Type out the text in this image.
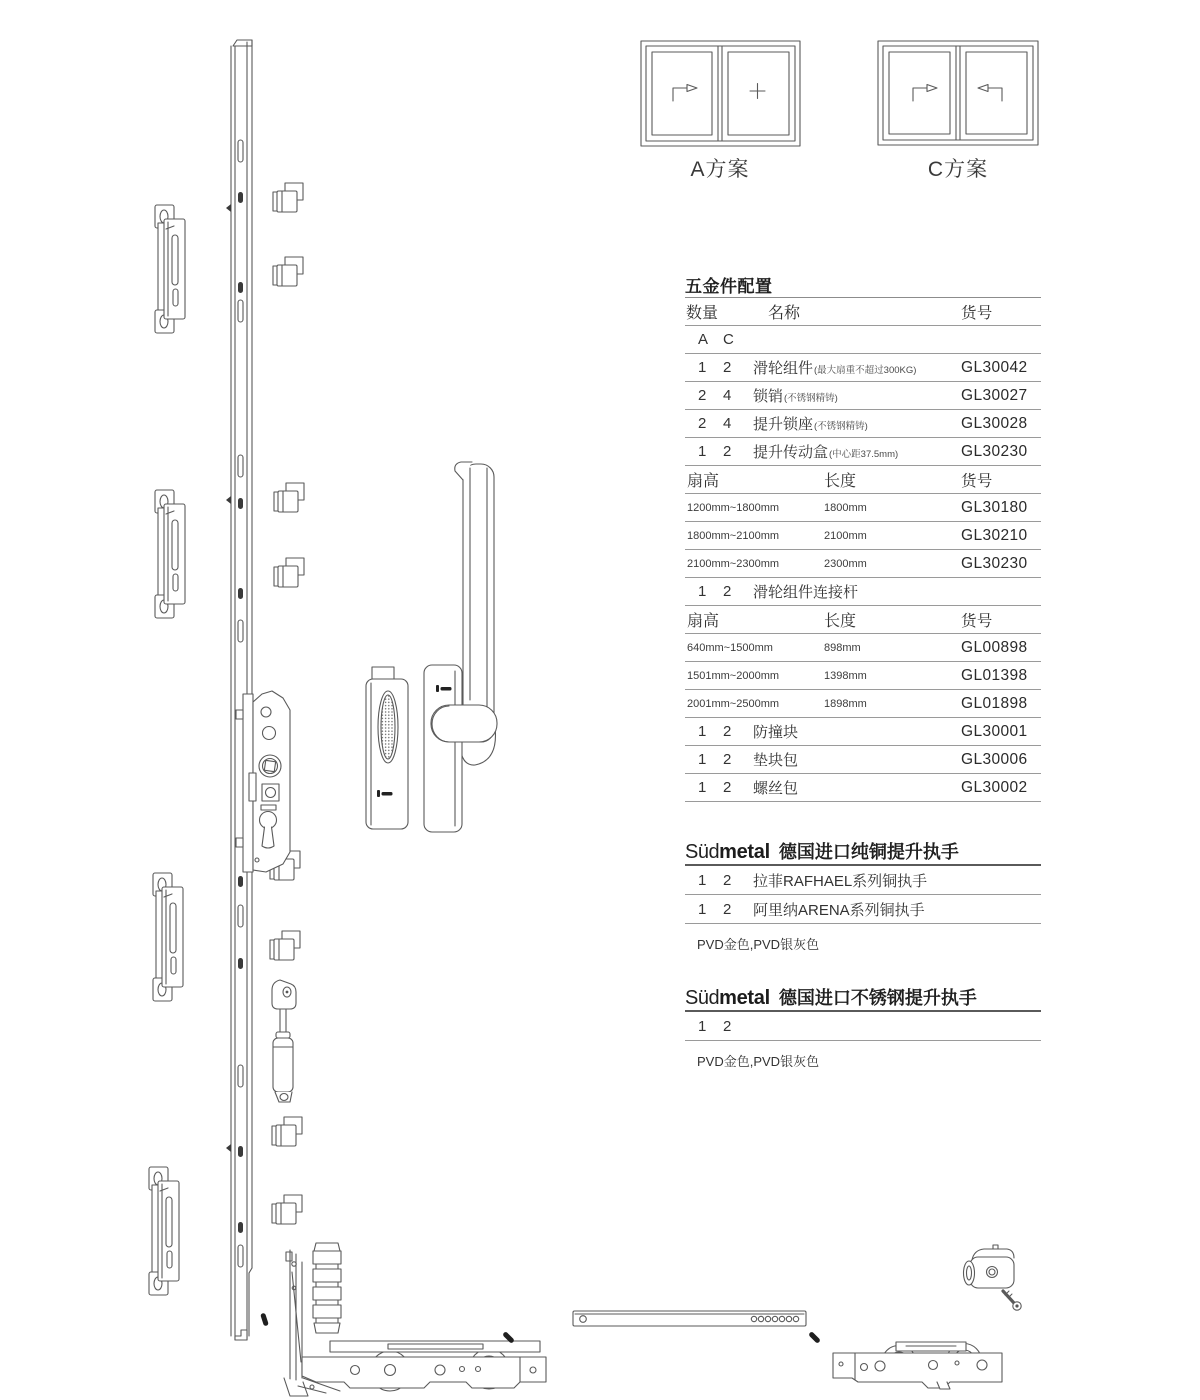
A方案	C方案
五金件配置
数量	名称	货号
A C
1	2	滑轮组件(最大扇重不超过300KG)	GL30042
2	4	锁销(不锈钢精铸)	GL30027
2	4	提升锁座(不锈钢精铸)	GL30028
1	2	提升传动盒(中心距37.5mm)	GL30230
扇高	长度	货号
1200mm~1800mm	1800mm	GL30180
1800mm~2100mm	2100mm	GL30210
2100mm~2300mm	2300mm	GL30230
1	2	滑轮组件连接杆
扇高	长度	货号
640mm~1500mm	898mm	GL00898
1501mm~2000mm	1398mm	GL01398
2001mm~2500mm	1898mm	GL01898
1	2	防撞块	GL30001
1	2	垫块包	GL30006
1	2	螺丝包	GL30002
Südmetal 德国进口纯铜提升执手
1	2	拉菲RAFHAEL系列铜执手
1	2	阿里纳ARENA系列铜执手
PVD金色,PVD银灰色
Südmetal 德国进口不锈钢提升执手
1	2
PVD金色,PVD银灰色
